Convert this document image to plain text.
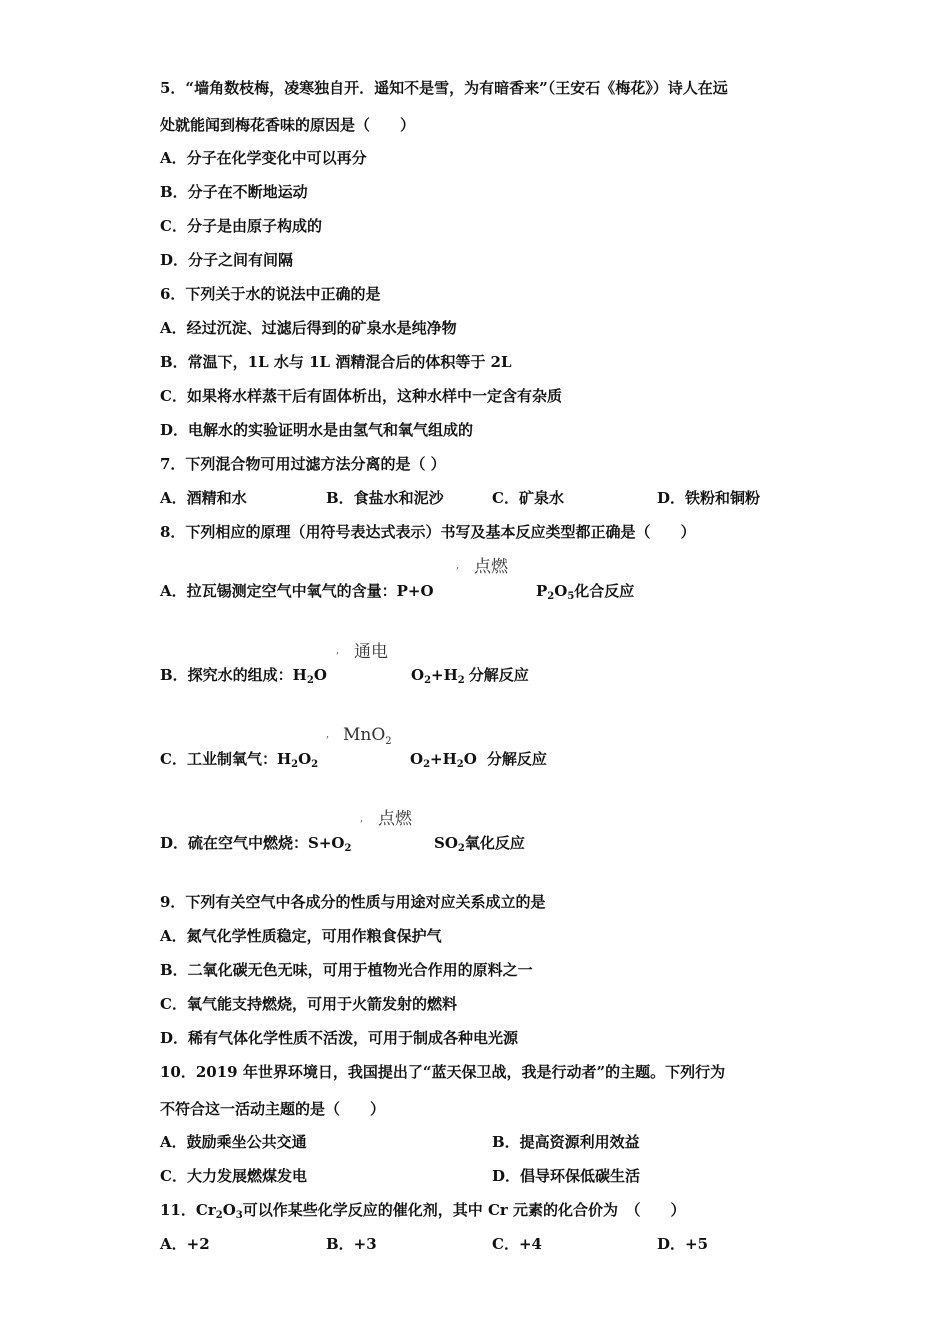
5．“墙角数枝梅，凌寒独自开．遥知不是雪，为有暗香来”（王安石《梅花》）诗人在远
处就能闻到梅花香味的原因是（　　）
A．分子在化学变化中可以再分
B．分子在不断地运动
C．分子是由原子构成的
D．分子之间有间隔
6．下列关于水的说法中正确的是
A．经过沉淀、过滤后得到的矿泉水是纯净物
B．常温下，1L 水与 1L 酒精混合后的体积等于 2L
C．如果将水样蒸干后有固体析出，这种水样中一定含有杂质
D．电解水的实验证明水是由氢气和氧气组成的
7．下列混合物可用过滤方法分离的是（ ）
A．酒精和水	B．食盐水和泥沙	C．矿泉水	D．铁粉和铜粉
8．下列相应的原理（用符号表达式表示）书写及基本反应类型都正确是（　　）
, 点燃
A．拉瓦锡测定空气中氧气的含量：P+O	$P_2O_5$化合反应
, 通电
B．探究水的组成：$H_2O$	$O_2+H_2$ 分解反应
, MnO$_2$
C．工业制氧气：$H_2O_2$	$O_2+H_2O$ 分解反应
, 点燃
D．硫在空气中燃烧：$S+O_2$	$SO_2$氧化反应
9．下列有关空气中各成分的性质与用途对应关系成立的是
A．氮气化学性质稳定，可用作粮食保护气
B．二氧化碳无色无味，可用于植物光合作用的原料之一
C．氧气能支持燃烧，可用于火箭发射的燃料
D．稀有气体化学性质不活泼，可用于制成各种电光源
10．2019 年世界环境日，我国提出了“蓝天保卫战，我是行动者”的主题。下列行为
不符合这一活动主题的是（　　）
A．鼓励乘坐公共交通	B．提高资源利用效益
C．大力发展燃煤发电	D．倡导环保低碳生活
11．$Cr_2O_3$可以作某些化学反应的催化剂，其中 Cr 元素的化合价为　（　　）
A．+2	B．+3	C．+4	D．+5
